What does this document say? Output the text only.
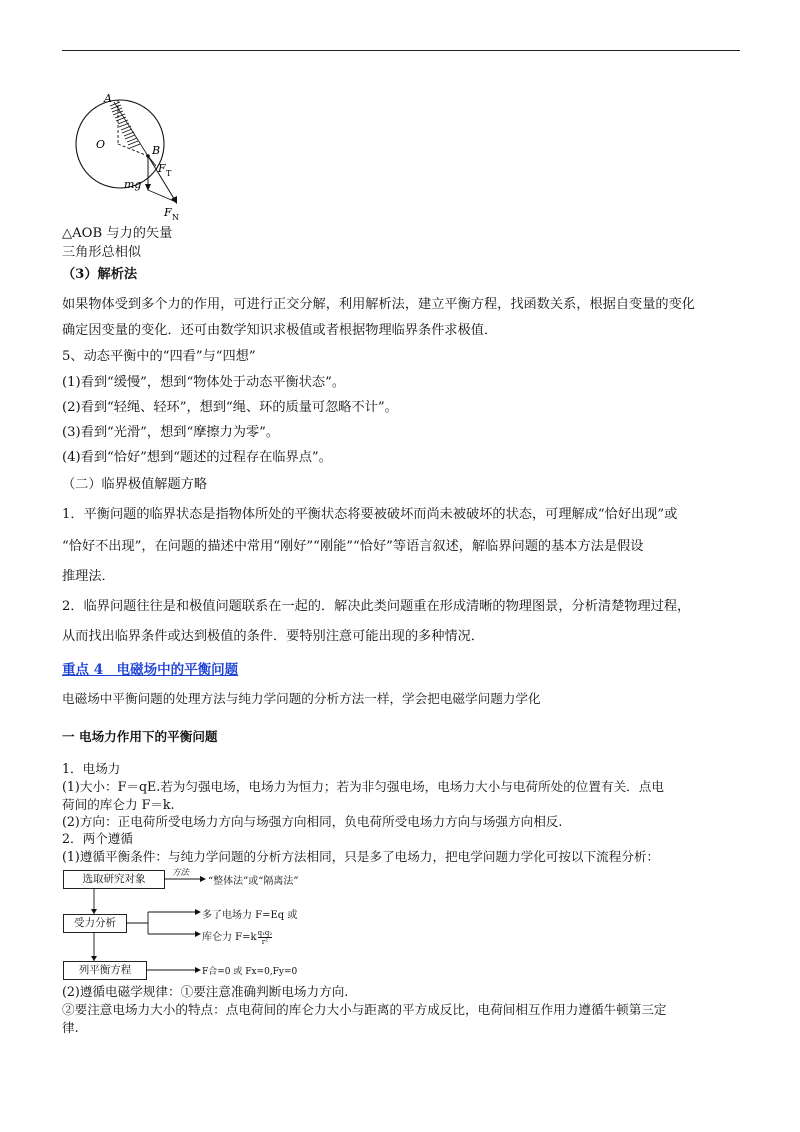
A
O	B
F T
mg
F N
△AOB 与力的矢量
三角形总相似
（3）解析法
如果物体受到多个力的作用，可进行正交分解，利用解析法，建立平衡方程，找函数关系，根据自变量的变化
确定因变量的变化．还可由数学知识求极值或者根据物理临界条件求极值．
5、动态平衡中的“四看”与“四想”
(1)看到“缓慢”，想到“物体处于动态平衡状态”。
(2)看到“轻绳、轻环”，想到“绳、环的质量可忽略不计”。
(3)看到“光滑”，想到“摩擦力为零”。
(4)看到“恰好”想到“题述的过程存在临界点”。
（二）临界极值解题方略
1．平衡问题的临界状态是指物体所处的平衡状态将要被破坏而尚未被破坏的状态，可理解成“恰好出现”或
“恰好不出现”，在问题的描述中常用“刚好”“刚能”“恰好”等语言叙述，解临界问题的基本方法是假设
推理法．
2．临界问题往往是和极值问题联系在一起的．解决此类问题重在形成清晰的物理图景，分析清楚物理过程，
从而找出临界条件或达到极值的条件．要特别注意可能出现的多种情况．
重点 4　电磁场中的平衡问题
电磁场中平衡问题的处理方法与纯力学问题的分析方法一样，学会把电磁学问题力学化
一 电场力作用下的平衡问题
1．电场力
(1)大小：F＝qE.若为匀强电场，电场力为恒力；若为非匀强电场，电场力大小与电荷所处的位置有关．点电
荷间的库仑力 F＝k.
(2)方向：正电荷所受电场力方向与场强方向相同，负电荷所受电场力方向与场强方向相反.
2．两个遵循
(1)遵循平衡条件：与纯力学问题的分析方法相同，只是多了电场力，把电学问题力学化可按以下流程分析：
选取研究对象
受力分析
列平衡方程
方法
“整体法”或“隔离法”
多了电场力 F=Eq 或
库仑力 $F=k \frac{\text{q₁q₂}}{\text{r²}}$
F合=0 或 Fx=0,Fy=0
(2)遵循电磁学规律：①要注意准确判断电场力方向.
②要注意电场力大小的特点：点电荷间的库仑力大小与距离的平方成反比，电荷间相互作用力遵循牛顿第三定
律.
